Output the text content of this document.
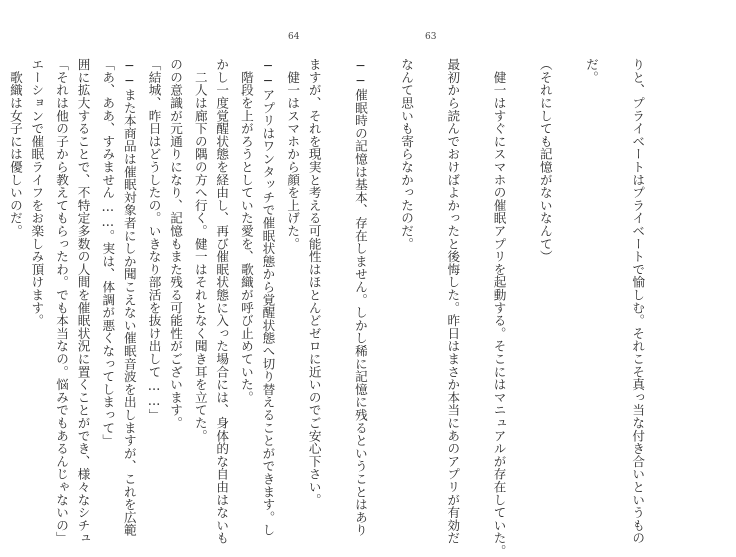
64	63

りと、プライベートはプライベートで愉しむ。それこそ真っ当な付き合いというもの

だ。

（それにしても記憶がないなんて）

　健一はすぐにスマホの催眠アプリを起動する。そこにはマニュアルが存在していた。

最初から読んでおけばよかったと後悔した。昨日はまさか本当にあのアプリが有効だ

なんて思いも寄らなかったのだ。

──催眠時の記憶は基本、存在しません。しかし稀に記憶に残るということはあり

ますが、それを現実と考える可能性はほとんどゼロに近いのでご安心下さい。

──アプリはワンタッチで催眠状態から覚醒状態へ切り替えることができます。し

かし一度覚醒状態を経由し、再び催眠状態に入った場合には、身体的な自由はないも

のの意識が元通りになり、記憶もまた残る可能性がございます。

──また本商品は催眠対象者にしか聞こえない催眠音波を出しますが、これを広範

囲に拡大することで、不特定多数の人間を催眠状況に置くことができ、様々なシチュ

エーションで催眠ライフをお楽しみ頂けます。

	　健一はスマホから顔を上げた。

　階段を上がろうとしていた愛を、歌織が呼び止めていた。

　二人は廊下の隅の方へ行く。健一はそれとなく聞き耳を立てた。

「結城、昨日はどうしたの。いきなり部活を抜け出して……」

「あ、ああ、すみません……。実は、体調が悪くなってしまって」

「それは他の子から教えてもらったわ。でも本当なの。悩みでもあるんじゃないの」

　歌織は女子には優しいのだ。
